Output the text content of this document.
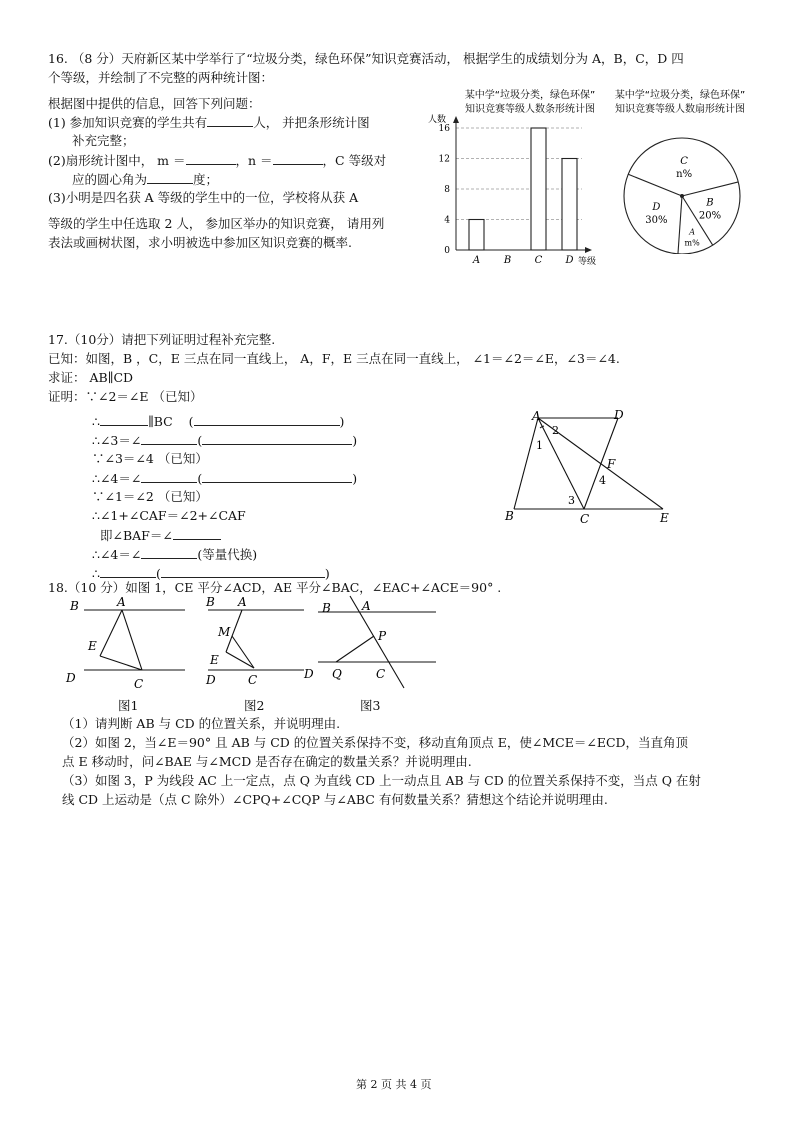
16. （8 分）天府新区某中学举行了“垃圾分类，绿色环保”知识竞赛活动， 根据学生的成绩划分为 A，B，C，D 四
个等级，并绘制了不完整的两种统计图：
根据图中提供的信息，回答下列问题：
(1) 参加知识竞赛的学生共有	人， 并把条形统计图
补充完整；
(2)扇形统计图中， m ＝	，n ＝	，C 等级对
应的圆心角为	度；
(3)小明是四名获 A 等级的学生中的一位，学校将从获 A
等级的学生中任选取 2 人， 参加区举办的知识竞赛， 请用列
表法或画树状图，求小明被选中参加区知识竞赛的概率.
某中学“垃圾分类，绿色环保”
知识竞赛等级人数条形统计图
人数
等级
0
4
8
12
16
A B C D
某中学“垃圾分类，绿色环保”
知识竞赛等级人数扇形统计图
C
n%
B
20%
A
m%
D
30%
17.（10分）请把下列证明过程补充完整.
已知：如图，B ，C，E 三点在同一直线上， A，F，E 三点在同一直线上， ∠1＝∠2＝∠E，∠3＝∠4.
求证： AB∥CD
证明：∵∠2＝∠E （已知）
∴	∥BC (	)
∴∠3＝∠	(	)
∵∠3＝∠4 （已知）
∴∠4＝∠	(	)
∵∠1＝∠2 （已知）
∴∠1+∠CAF＝∠2+∠CAF
即∠BAF＝∠
∴∠4＝∠	(等量代换)
∴	(	)
A	D
B	C	E
F
1
2
3
4
18.（10 分）如图 1，CE 平分∠ACD，AE 平分∠BAC，∠EAC+∠ACE＝90° .
B	A
E
D	C
图1
B A
M
E
D	C
图2
B	A
P
D Q	C
图3
（1）请判断 AB 与 CD 的位置关系，并说明理由.
（2）如图 2，当∠E＝90° 且 AB 与 CD 的位置关系保持不变，移动直角顶点 E，使∠MCE＝∠ECD，当直角顶
点 E 移动时，问∠BAE 与∠MCD 是否存在确定的数量关系？并说明理由.
（3）如图 3，P 为线段 AC 上一定点，点 Q 为直线 CD 上一动点且 AB 与 CD 的位置关系保持不变，当点 Q 在射
线 CD 上运动是（点 C 除外）∠CPQ+∠CQP 与∠ABC 有何数量关系？猜想这个结论并说明理由.
第 2 页 共 4 页
